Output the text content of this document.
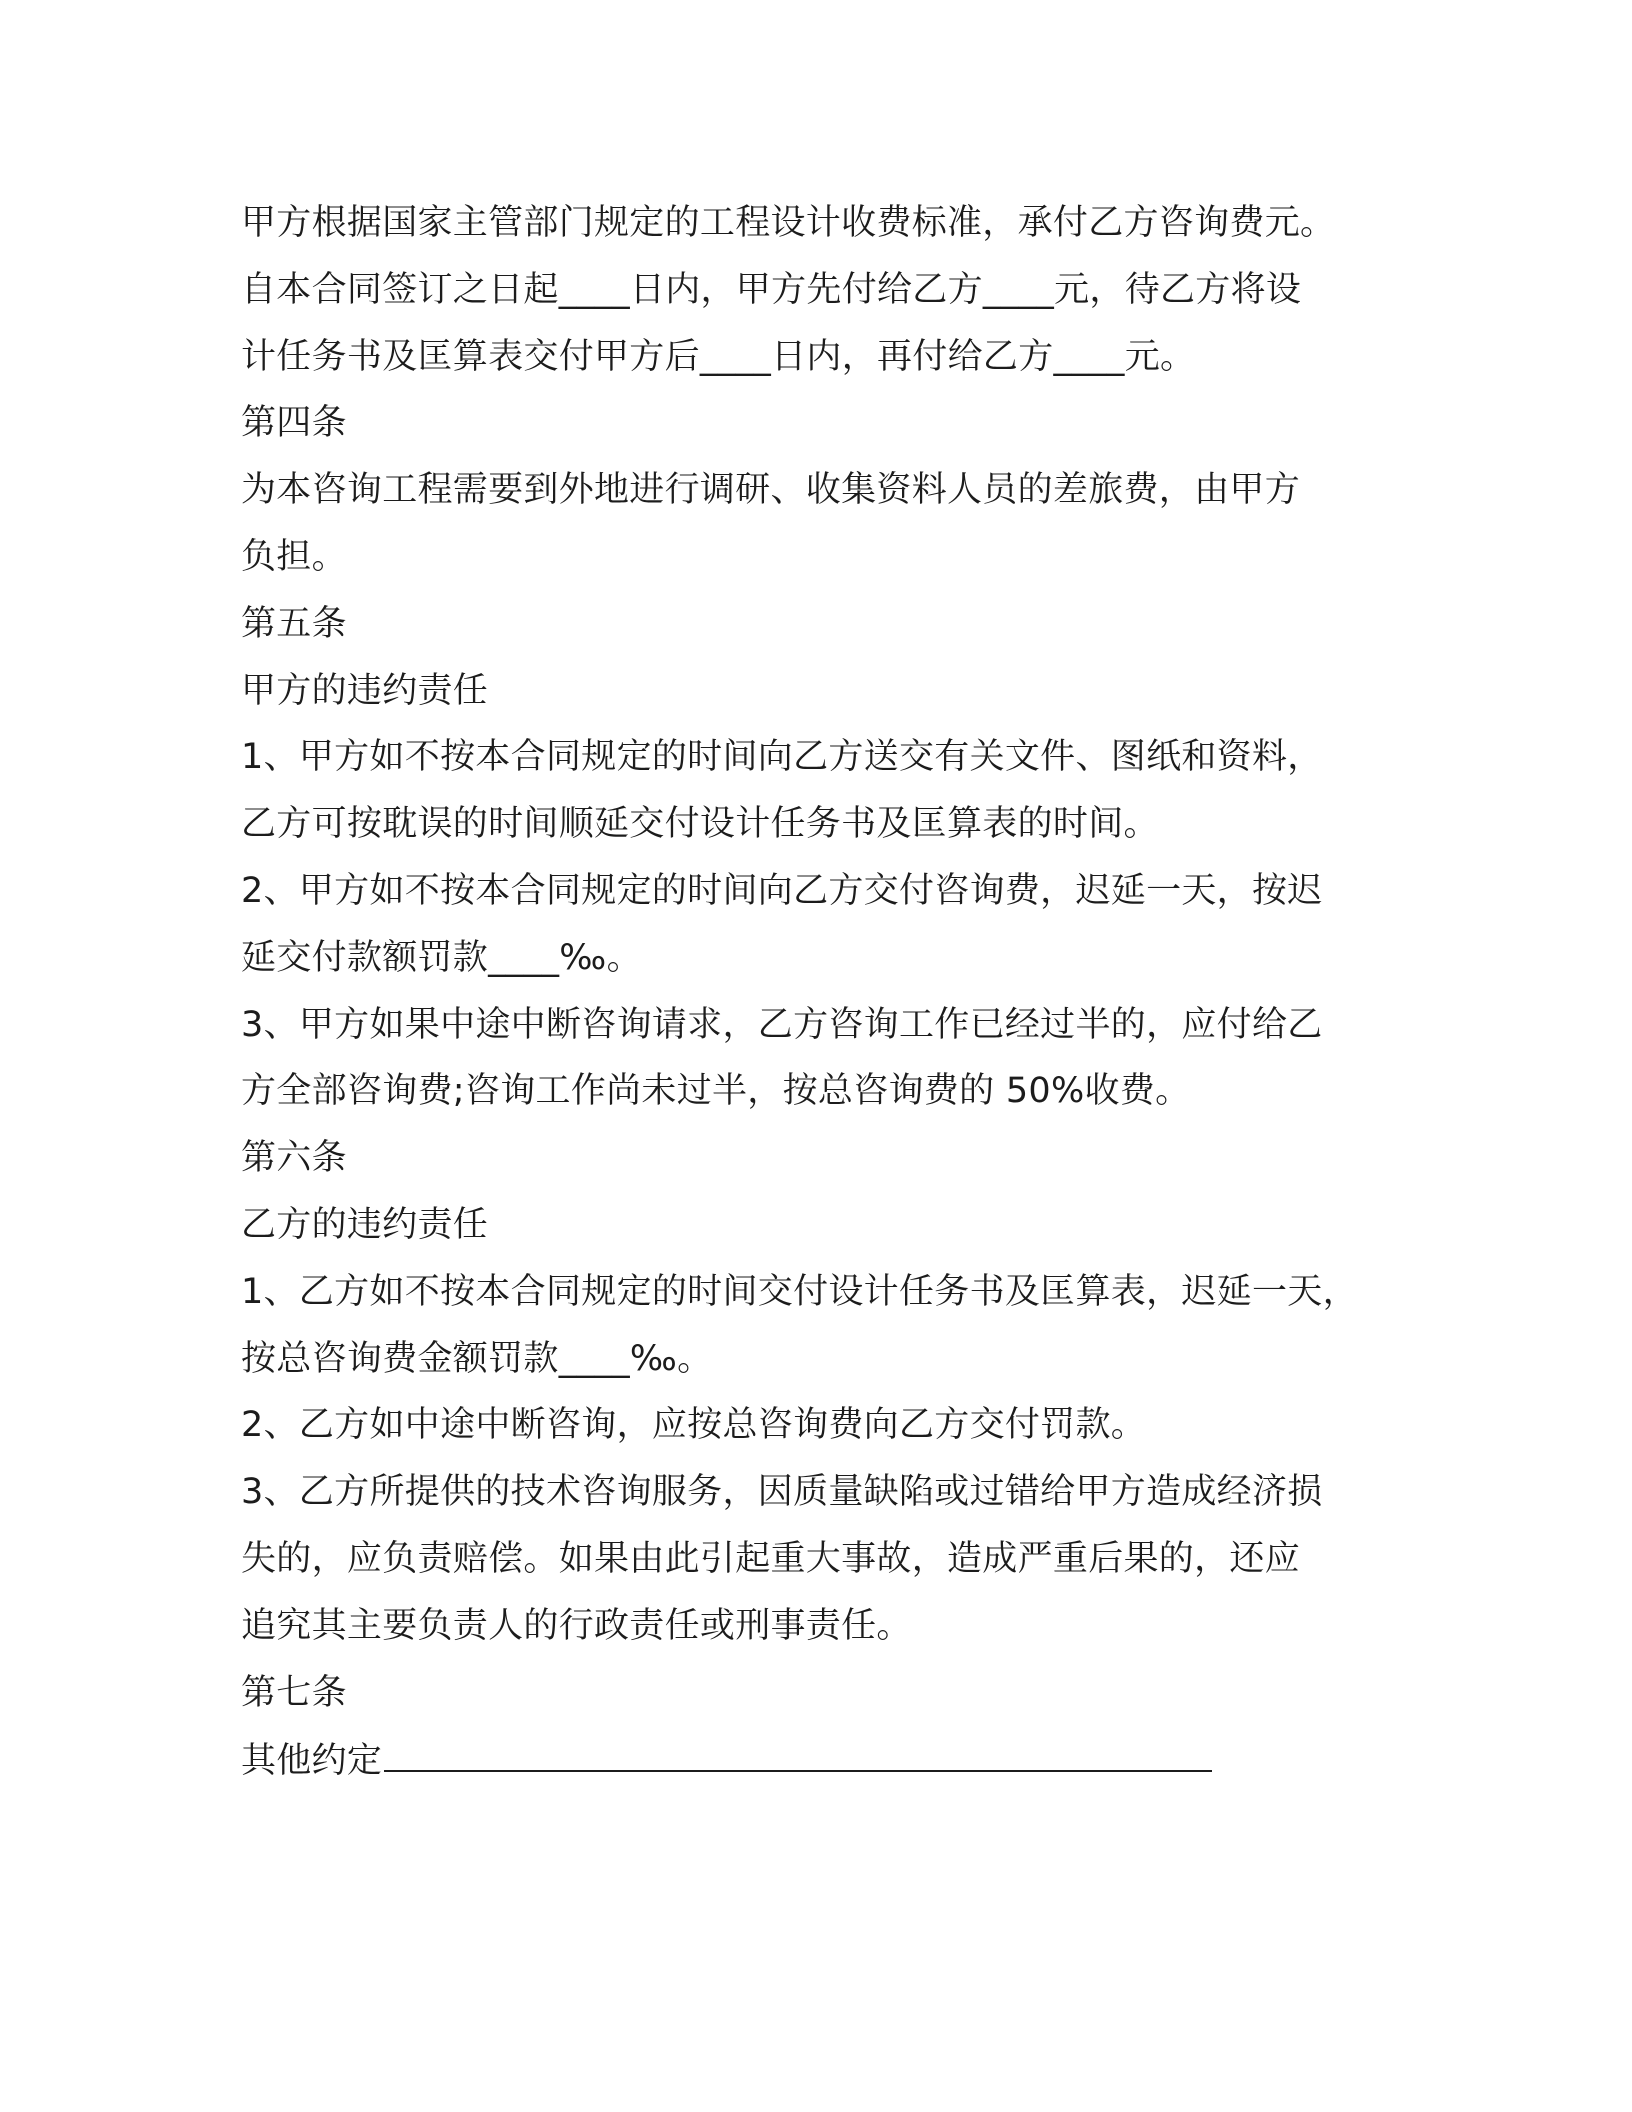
甲方根据国家主管部门规定的工程设计收费标准，承付乙方咨询费元。
自本合同签订之日起____日内，甲方先付给乙方____元，待乙方将设
计任务书及匡算表交付甲方后____日内，再付给乙方____元。
第四条
为本咨询工程需要到外地进行调研、收集资料人员的差旅费，由甲方
负担。
第五条
甲方的违约责任
1、甲方如不按本合同规定的时间向乙方送交有关文件、图纸和资料，
乙方可按耽误的时间顺延交付设计任务书及匡算表的时间。
2、甲方如不按本合同规定的时间向乙方交付咨询费，迟延一天，按迟
延交付款额罚款____‰。
3、甲方如果中途中断咨询请求，乙方咨询工作已经过半的，应付给乙
方全部咨询费;咨询工作尚未过半，按总咨询费的 50%收费。
第六条
乙方的违约责任
1、乙方如不按本合同规定的时间交付设计任务书及匡算表，迟延一天，
按总咨询费金额罚款____‰。
2、乙方如中途中断咨询，应按总咨询费向乙方交付罚款。
3、乙方所提供的技术咨询服务，因质量缺陷或过错给甲方造成经济损
失的，应负责赔偿。如果由此引起重大事故，造成严重后果的，还应
追究其主要负责人的行政责任或刑事责任。
第七条
其他约定
